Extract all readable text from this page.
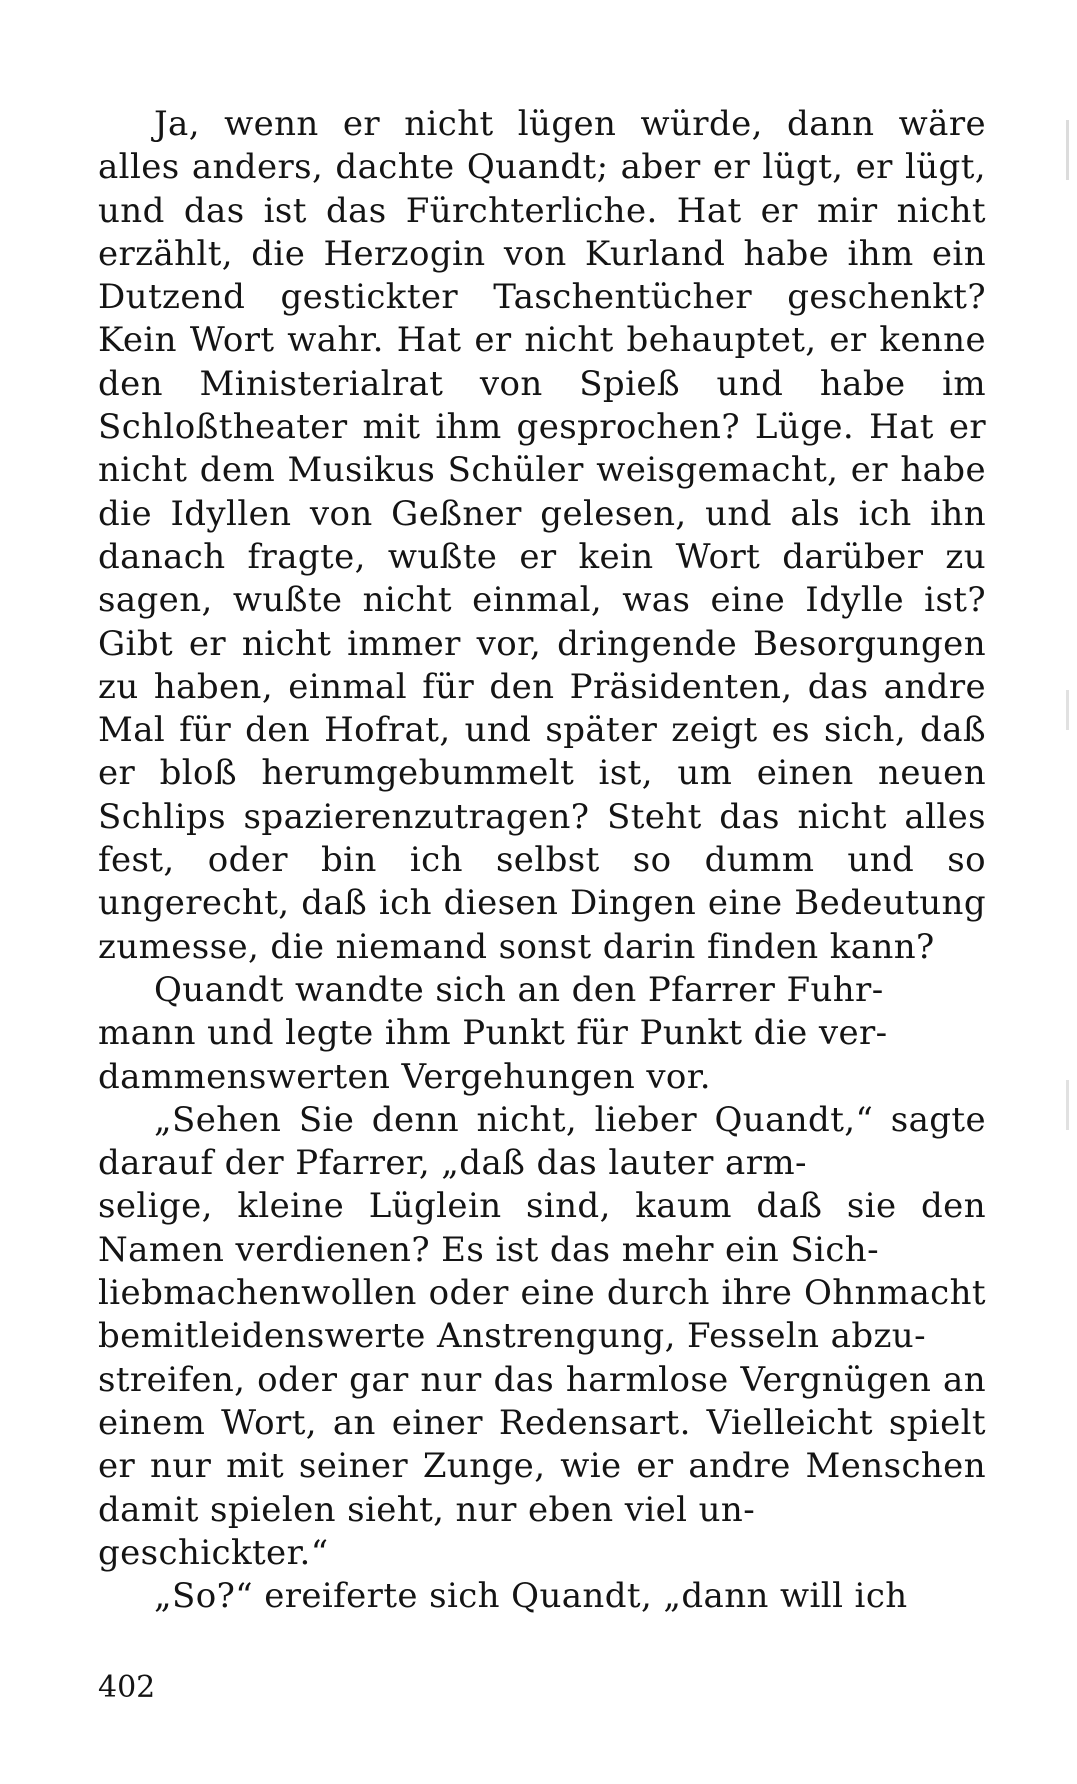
Ja, wenn er nicht lügen würde, dann wäre alles anders, dachte Quandt; aber er lügt, er lügt, und das ist das Fürchterliche. Hat er mir nicht erzählt, die Herzogin von Kurland habe ihm ein Dutzend gestickter Taschentücher geschenkt? Kein Wort wahr. Hat er nicht behauptet, er kenne den Ministerialrat von Spieß und habe im Schloßtheater mit ihm gesprochen? Lüge. Hat er nicht dem Musikus Schüler weisgemacht, er habe die Idyllen von Geßner gelesen, und als ich ihn danach fragte, wußte er kein Wort darüber zu sagen, wußte nicht einmal, was eine Idylle ist? Gibt er nicht immer vor, dringende Besorgungen zu haben, einmal für den Präsidenten, das andre Mal für den Hofrat, und später zeigt es sich, daß er bloß herumgebummelt ist, um einen neuen Schlips spazierenzutragen? Steht das nicht alles fest, oder bin ich selbst so dumm und so ungerecht, daß ich diesen Dingen eine Bedeutung zumesse, die niemand sonst darin finden kann?

Quandt wandte sich an den Pfarrer Fuhr-
mann und legte ihm Punkt für Punkt die ver-
dammenswerten Vergehungen vor.

„Sehen Sie denn nicht, lieber Quandt,“ sagte darauf der Pfarrer, „daß das lauter arm-
selige, kleine Lüglein sind, kaum daß sie den Namen verdienen? Es ist das mehr ein Sich-
liebmachenwollen oder eine durch ihre Ohnmacht bemitleidenswerte Anstrengung, Fesseln abzu-
streifen, oder gar nur das harmlose Vergnügen an einem Wort, an einer Redensart. Vielleicht spielt er nur mit seiner Zunge, wie er andre Menschen damit spielen sieht, nur eben viel un-
geschickter.“

„So?“ ereiferte sich Quandt, „dann will ich

402
